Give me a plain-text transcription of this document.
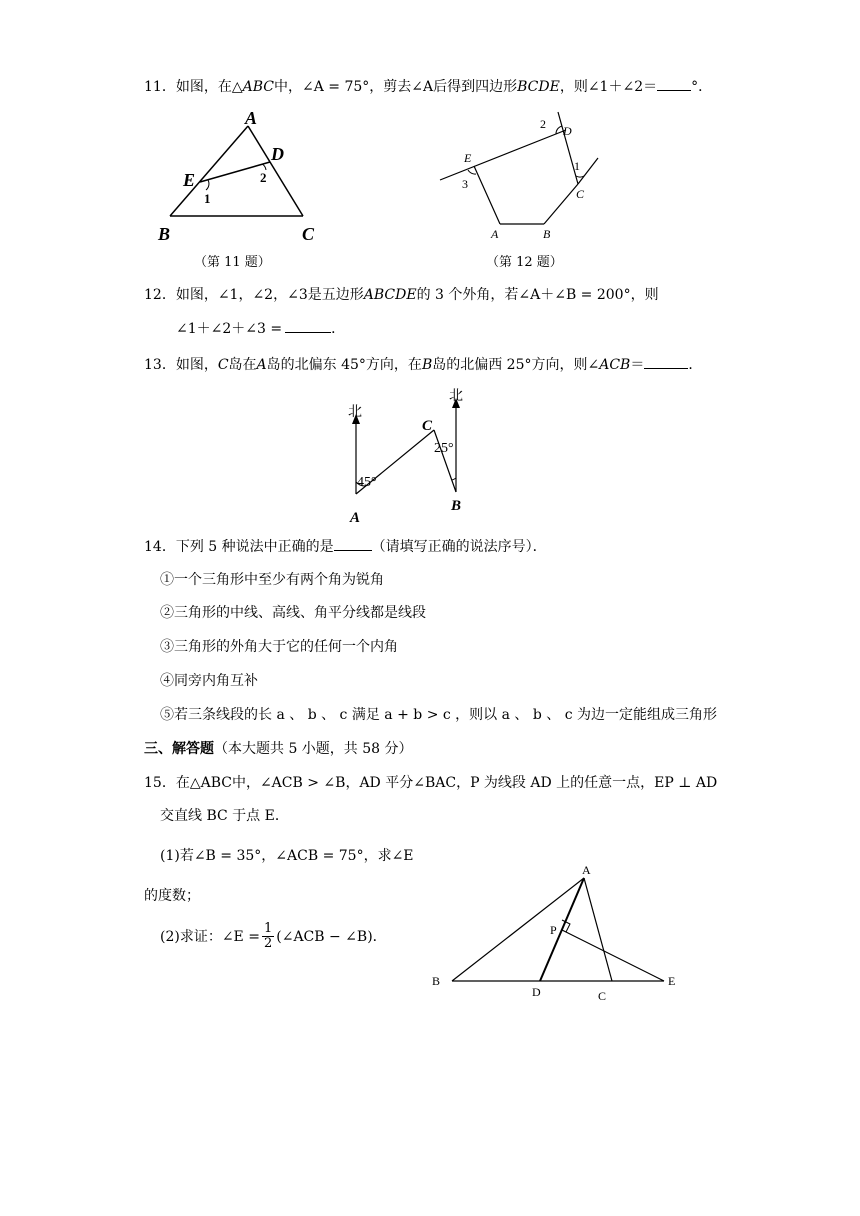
11．如图，在△ABC中，∠A = 75°，剪去∠A后得到四边形BCDE，则∠1＋∠2＝ °．
A
D
E	2
1
B	C
（第 11 题）
2 D
E
1
3
C
A	B
（第 12 题）
12．如图，∠1，∠2，∠3是五边形ABCDE的 3 个外角，若∠A＋∠B = 200°，则
∠1＋∠2＋∠3 =	．
13．如图，C岛在A岛的北偏东 45°方向，在B岛的北偏西 25°方向，则∠ACB＝	．
北
北
C
25°
45°
A
B
14．下列 5 种说法中正确的是	（请填写正确的说法序号）．
①一个三角形中至少有两个角为锐角
②三角形的中线、高线、角平分线都是线段
③三角形的外角大于它的任何一个内角
④同旁内角互补
⑤若三条线段的长 a 、 b 、 c 满足 a + b > c ，则以 a 、 b 、 c 为边一定能组成三角形
三、解答题（本大题共 5 小题，共 58 分）
15．在△ABC中，∠ACB > ∠B，AD 平分∠BAC，P 为线段 AD 上的任意一点，EP ⊥ AD
交直线 BC 于点 E．
(1)若∠B = 35°，∠ACB = 75°，求∠E
的度数；
(2)求证：∠E = $\frac{1}{2}$ (∠ACB − ∠B)．
A
P
B
D	C
E
